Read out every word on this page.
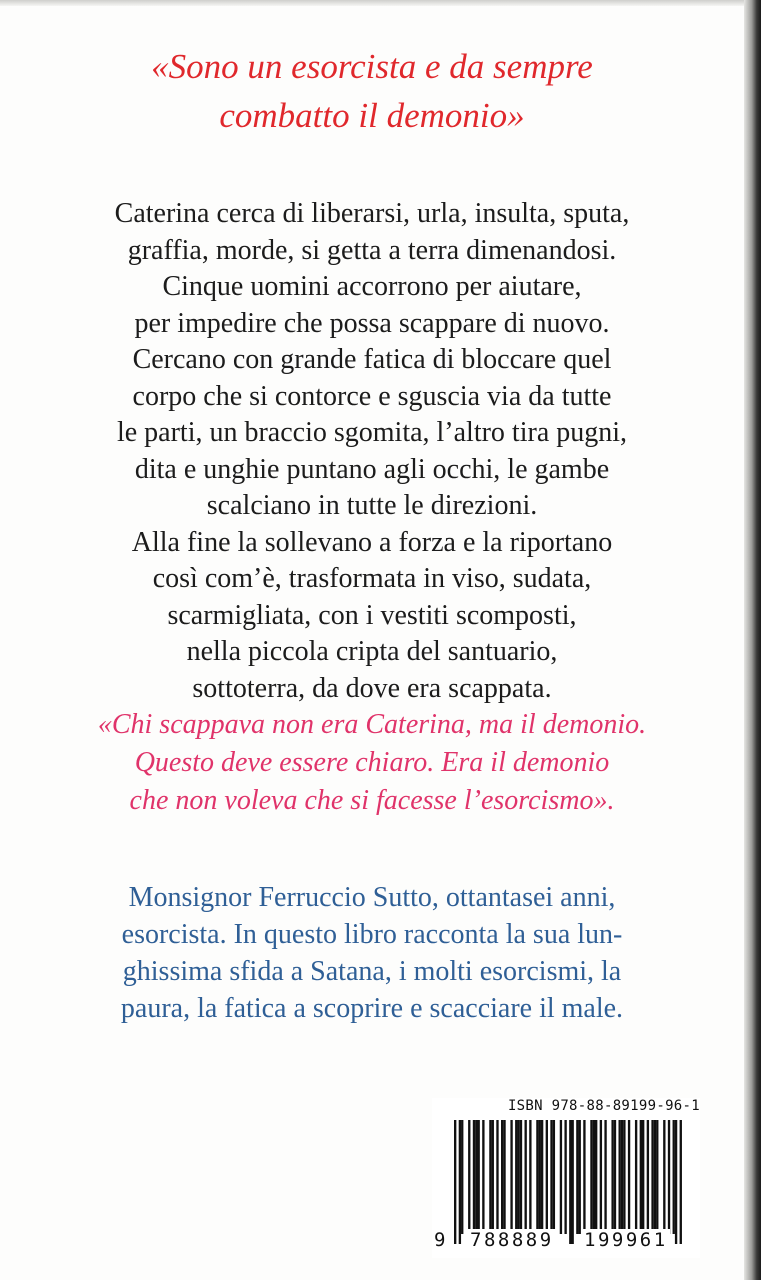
«Sono un esorcista e da sempre
combatto il demonio»
Caterina cerca di liberarsi, urla, insulta, sputa,
graffia, morde, si getta a terra dimenandosi.
Cinque uomini accorrono per aiutare,
per impedire che possa scappare di nuovo.
Cercano con grande fatica di bloccare quel
corpo che si contorce e sguscia via da tutte
le parti, un braccio sgomita, l’altro tira pugni,
dita e unghie puntano agli occhi, le gambe
scalciano in tutte le direzioni.
Alla fine la sollevano a forza e la riportano
così com’è, trasformata in viso, sudata,
scarmigliata, con i vestiti scomposti,
nella piccola cripta del santuario,
sottoterra, da dove era scappata.
«Chi scappava non era Caterina, ma il demonio.
Questo deve essere chiaro. Era il demonio
che non voleva che si facesse l’esorcismo».
Monsignor Ferruccio Sutto, ottantasei anni,
esorcista. In questo libro racconta la sua lun-
ghissima sfida a Satana, i molti esorcismi, la
paura, la fatica a scoprire e scacciare il male.
ISBN 978-88-89199-96-1
9 788889 199961
